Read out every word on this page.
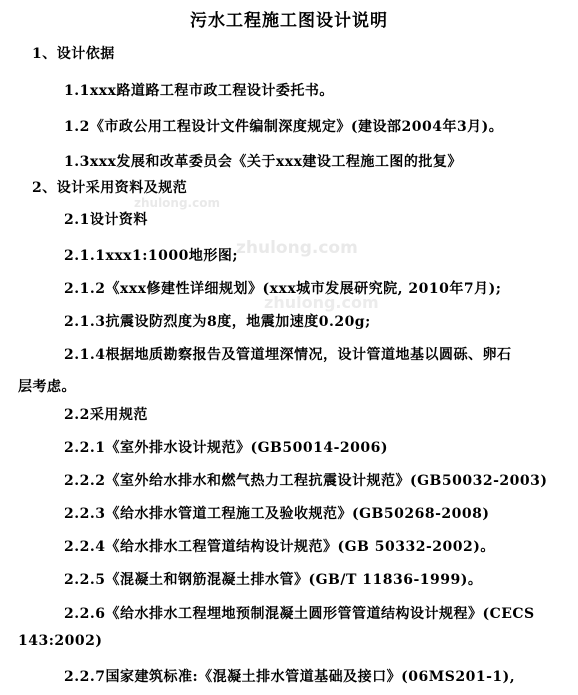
污水工程施工图设计说明
1、设计依据
1.1xxx路道路工程市政工程设计委托书。
1.2《市政公用工程设计文件编制深度规定》(建设部2004年3月)。
1.3xxx发展和改革委员会《关于xxx建设工程施工图的批复》
2、设计采用资料及规范
2.1设计资料
2.1.1xxx1:1000地形图;
2.1.2《xxx修建性详细规划》(xxx城市发展研究院, 2010年7月);
2.1.3抗震设防烈度为8度，地震加速度0.20g;
2.1.4根据地质勘察报告及管道埋深情况，设计管道地基以圆砾、卵石
层考虑。
2.2采用规范
2.2.1《室外排水设计规范》(GB50014-2006)
2.2.2《室外给水排水和燃气热力工程抗震设计规范》(GB50032-2003)
2.2.3《给水排水管道工程施工及验收规范》(GB50268-2008)
2.2.4《给水排水工程管道结构设计规范》(GB 50332-2002)。
2.2.5《混凝土和钢筋混凝土排水管》(GB/T 11836-1999)。
2.2.6《给水排水工程埋地预制混凝土圆形管管道结构设计规程》(CECS
143:2002)
2.2.7国家建筑标准:《混凝土排水管道基础及接口》(06MS201-1),
zhulong.com
zhulong.com
zhulong.com
